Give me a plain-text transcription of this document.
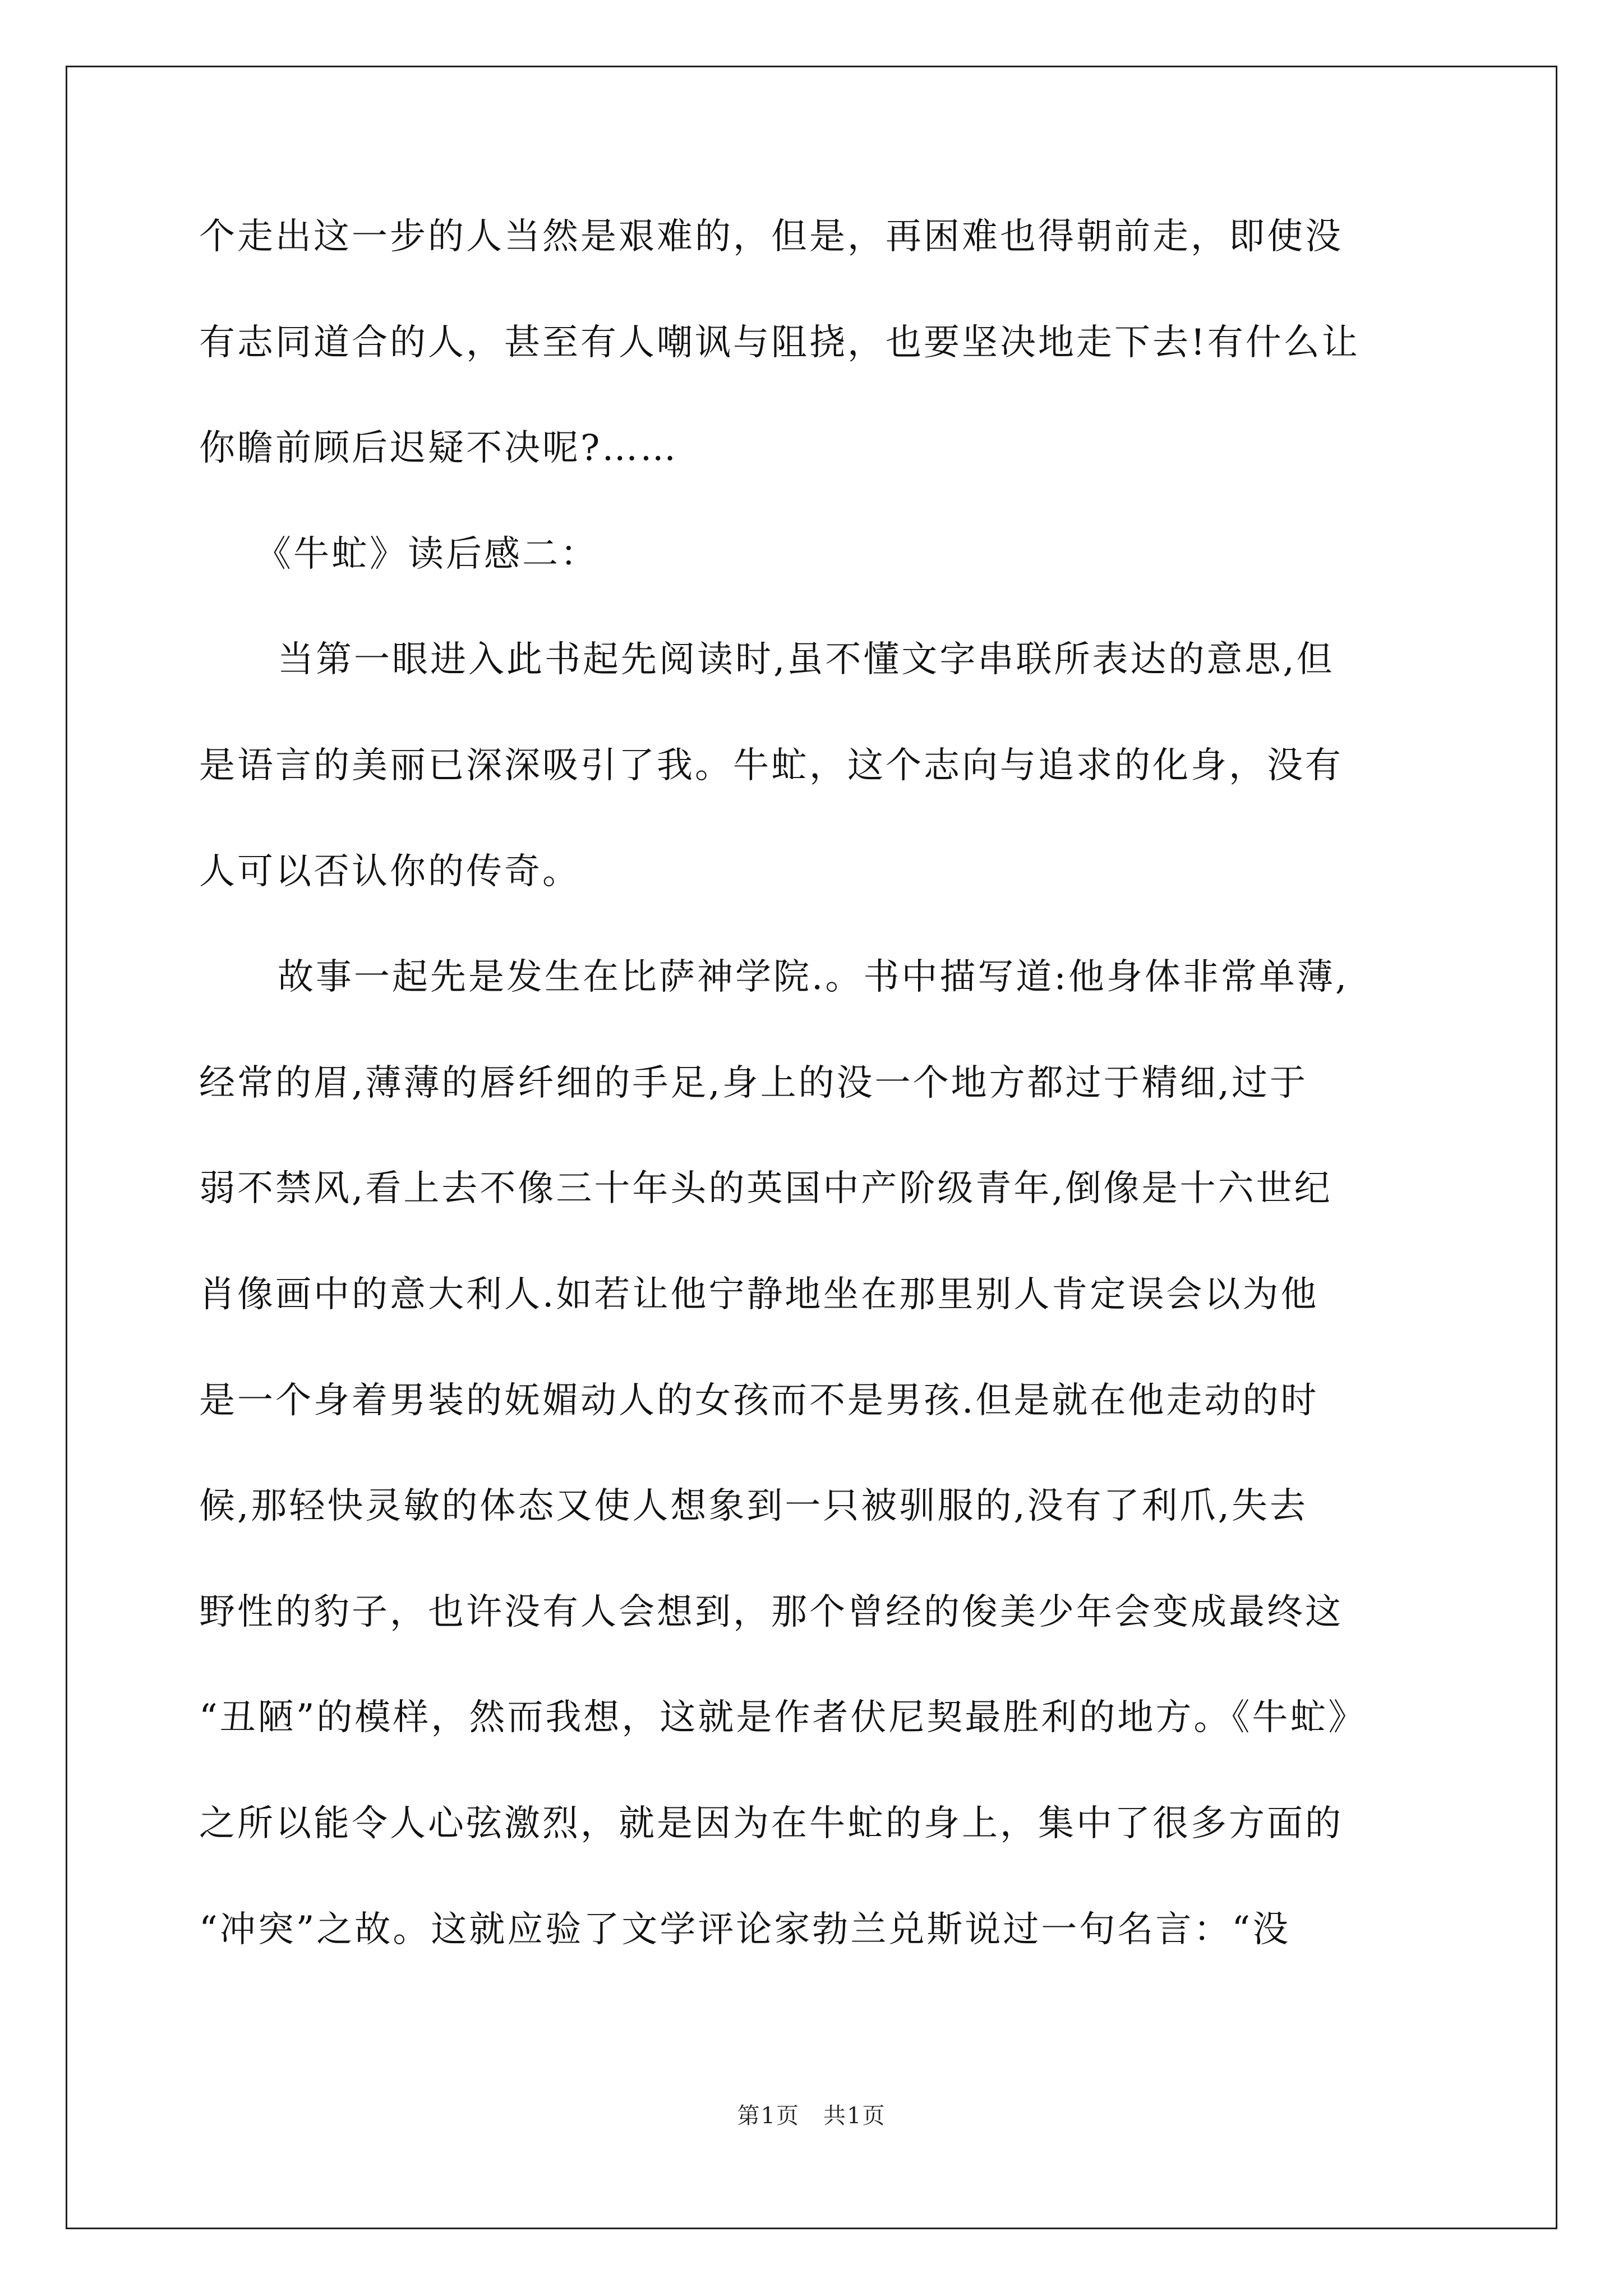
个走出这一步的人当然是艰难的，但是，再困难也得朝前走，即使没
有志同道合的人，甚至有人嘲讽与阻挠，也要坚决地走下去!有什么让
你瞻前顾后迟疑不决呢?……
《牛虻》读后感二：
当第一眼进入此书起先阅读时,虽不懂文字串联所表达的意思,但
是语言的美丽已深深吸引了我。牛虻，这个志向与追求的化身，没有
人可以否认你的传奇。
故事一起先是发生在比萨神学院.。书中描写道:他身体非常单薄,
经常的眉,薄薄的唇纤细的手足,身上的没一个地方都过于精细,过于
弱不禁风,看上去不像三十年头的英国中产阶级青年,倒像是十六世纪
肖像画中的意大利人.如若让他宁静地坐在那里别人肯定误会以为他
是一个身着男装的妩媚动人的女孩而不是男孩.但是就在他走动的时
候,那轻快灵敏的体态又使人想象到一只被驯服的,没有了利爪,失去
野性的豹子，也许没有人会想到，那个曾经的俊美少年会变成最终这
“丑陋”的模样，然而我想，这就是作者伏尼契最胜利的地方。《牛虻》
之所以能令人心弦激烈，就是因为在牛虻的身上，集中了很多方面的
“冲突”之故。这就应验了文学评论家勃兰兑斯说过一句名言：“没
第1页　共1页
